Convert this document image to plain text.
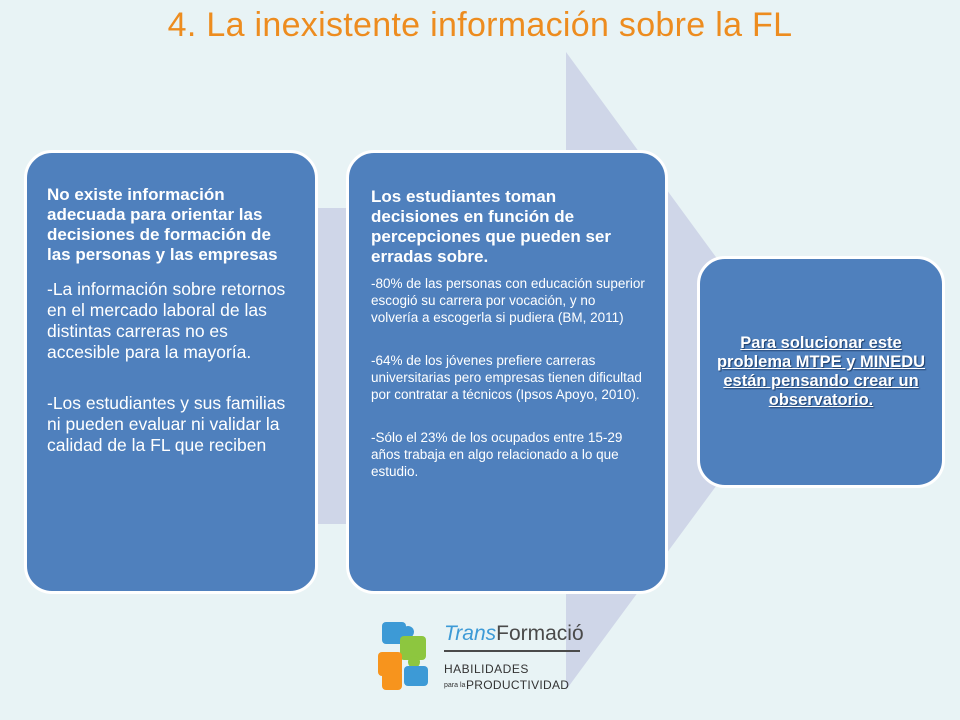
4. La inexistente información sobre la FL

No existe información adecuada para orientar las decisiones de formación de las personas y las empresas

-La información sobre retornos en el mercado laboral de las distintas carreras no es accesible para la mayoría.

-Los estudiantes y sus familias ni pueden evaluar ni validar la calidad de la FL que reciben

Los estudiantes toman decisiones en función de percepciones que pueden ser erradas sobre.

-80% de las personas con educación superior escogió su carrera por vocación, y no volvería a escogerla si pudiera (BM, 2011)

-64% de los jóvenes prefiere carreras universitarias pero empresas tienen dificultad por contratar a técnicos (Ipsos Apoyo, 2010).

-Sólo el 23% de los ocupados entre 15-29 años trabaja en algo relacionado a lo que estudio.

Para solucionar este problema MTPE y MINEDU están pensando crear un observatorio.
TransFormació
HABILIDADES
para la PRODUCTIVIDAD
